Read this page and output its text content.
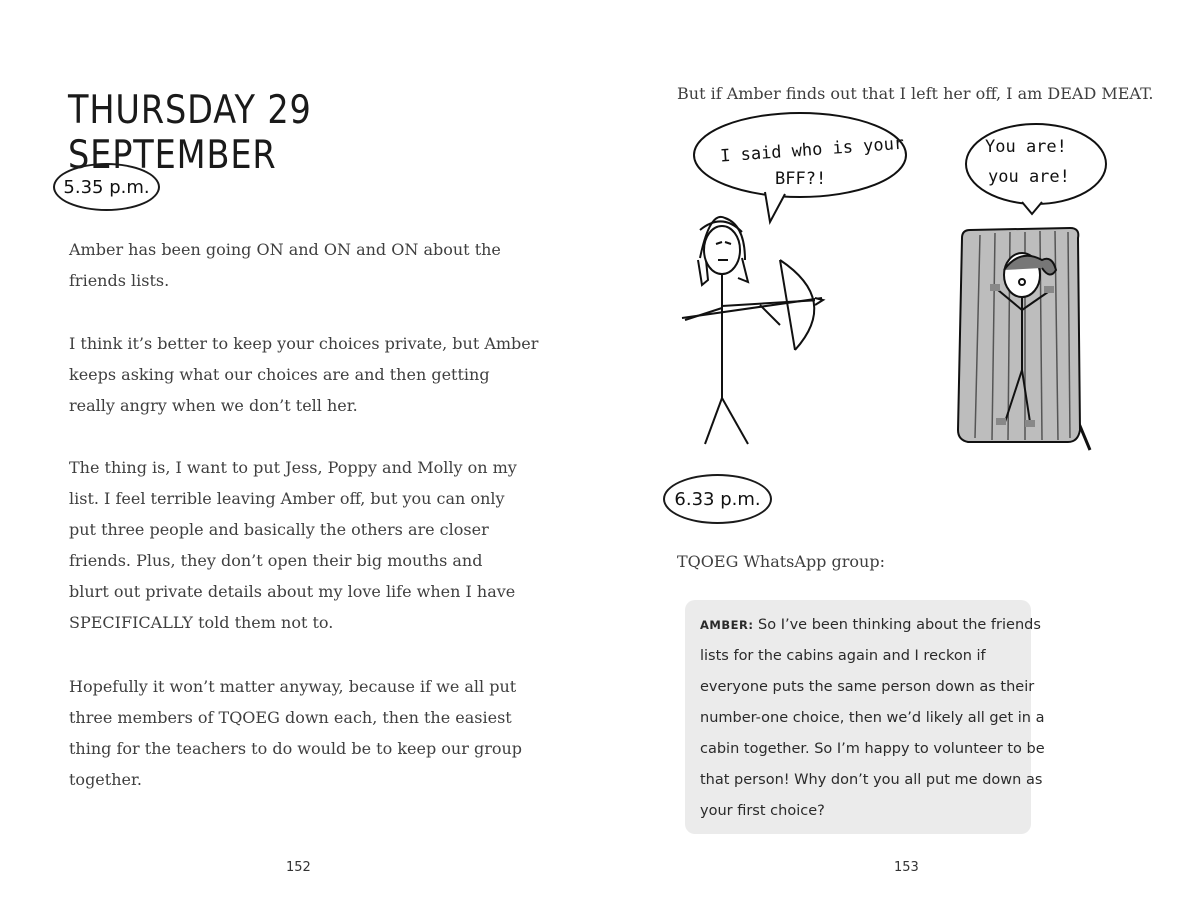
THURSDAY 29 SEPTEMBER
5.35 p.m.

Amber has been going ON and ON and ON about the
friends lists.

I think it’s better to keep your choices private, but Amber
keeps asking what our choices are and then getting
really angry when we don’t tell her.

The thing is, I want to put Jess, Poppy and Molly on my
list. I feel terrible leaving Amber off, but you can only
put three people and basically the others are closer
friends. Plus, they don’t open their big mouths and
blurt out private details about my love life when I have
SPECIFICALLY told them not to.

Hopefully it won’t matter anyway, because if we all put
three members of TQOEG down each, then the easiest
thing for the teachers to do would be to keep our group
together.

152

But if Amber finds out that I left her off, I am DEAD MEAT.

I said who is your
BFF?!
You are!
you are!
6.33 p.m.

TQOEG WhatsApp group:

AMBER: So I’ve been thinking about the friends
lists for the cabins again and I reckon if
everyone puts the same person down as their
number-one choice, then we’d likely all get in a
cabin together. So I’m happy to volunteer to be
that person! Why don’t you all put me down as
your first choice?

153
